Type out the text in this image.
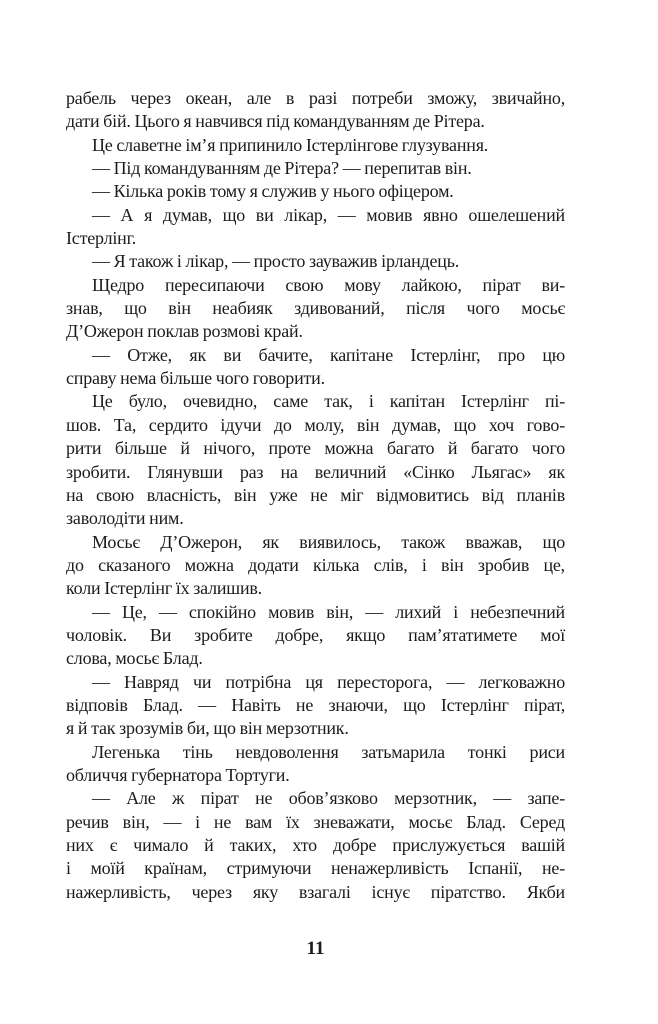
рабель через океан, але в разі потреби зможу, звичайно,
дати бій. Цього я навчився під командуванням де Рітера.
Це славетне ім’я припинило Істерлінгове глузування.
— Під командуванням де Рітера? — перепитав він.
— Кілька років тому я служив у нього офіцером.
— А я думав, що ви лікар, — мовив явно ошелешений
Істерлінг.
— Я також і лікар, — просто зауважив ірландець.
Щедро пересипаючи свою мову лайкою, пірат ви-
знав, що він неабияк здивований, після чого мосьє
Д’Ожерон поклав розмові край.
— Отже, як ви бачите, капітане Істерлінг, про цю
справу нема більше чого говорити.
Це було, очевидно, саме так, і капітан Істерлінг пі-
шов. Та, сердито ідучи до молу, він думав, що хоч гово-
рити більше й нічого, проте можна багато й багато чого
зробити. Глянувши раз на величний «Сінко Льягас» як
на свою власність, він уже не міг відмовитись від планів
заволодіти ним.
Мосьє Д’Ожерон, як виявилось, також вважав, що
до сказаного можна додати кілька слів, і він зробив це,
коли Істерлінг їх залишив.
— Це, — спокійно мовив він, — лихий і небезпечний
чоловік. Ви зробите добре, якщо пам’ятатимете мої
слова, мосьє Блад.
— Навряд чи потрібна ця пересторога, — легковажно
відповів Блад. — Навіть не знаючи, що Істерлінг пірат,
я й так зрозумів би, що він мерзотник.
Легенька тінь невдоволення затьмарила тонкі риси
обличчя губернатора Тортуги.
— Але ж пірат не обов’язково мерзотник, — запе-
речив він, — і не вам їх зневажати, мосьє Блад. Серед
них є чимало й таких, хто добре прислужується вашій
і моїй країнам, стримуючи ненажерливість Іспанії, не-
нажерливість, через яку взагалі існує піратство. Якби
11
